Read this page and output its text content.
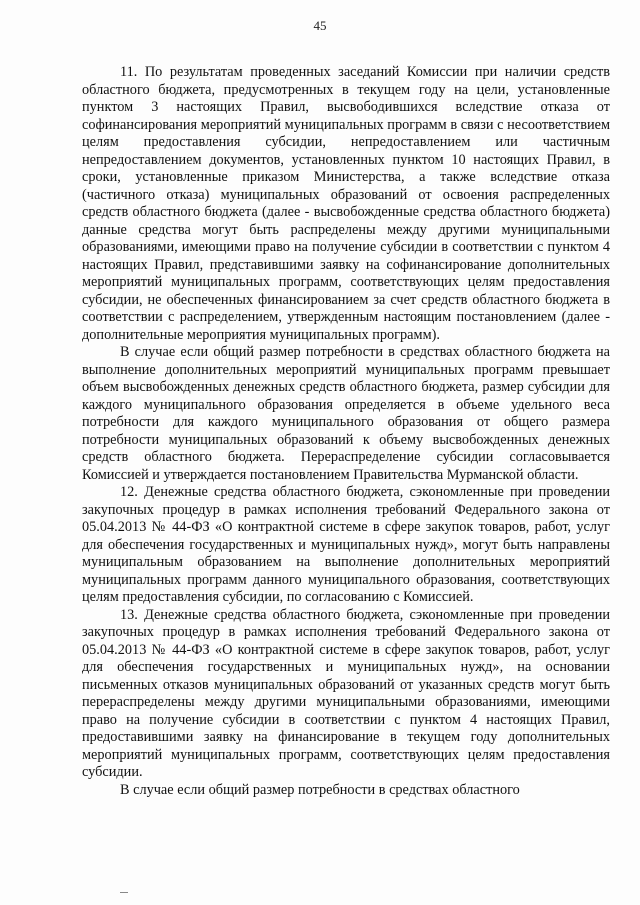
45

11. По результатам проведенных заседаний Комиссии при наличии средств областного бюджета, предусмотренных в текущем году на цели, установленные пунктом 3 настоящих Правил, высвободившихся вследствие отказа от софинансирования мероприятий муниципальных программ в связи с несоответствием целям предоставления субсидии, непредоставлением или частичным непредоставлением документов, установленных пунктом 10 настоящих Правил, в сроки, установленные приказом Министерства, а также вследствие отказа (частичного отказа) муниципальных образований от освоения распределенных средств областного бюджета (далее - высвобожденные средства областного бюджета) данные средства могут быть распределены между другими муниципальными образованиями, имеющими право на получение субсидии в соответствии с пунктом 4 настоящих Правил, представившими заявку на софинансирование дополнительных мероприятий муниципальных программ, соответствующих целям предоставления субсидии, не обеспеченных финансированием за счет средств областного бюджета в соответствии с распределением, утвержденным настоящим постановлением (далее - дополнительные мероприятия муниципальных программ).

В случае если общий размер потребности в средствах областного бюджета на выполнение дополнительных мероприятий муниципальных программ превышает объем высвобожденных денежных средств областного бюджета, размер субсидии для каждого муниципального образования определяется в объеме удельного веса потребности для каждого муниципального образования от общего размера потребности муниципальных образований к объему высвобожденных денежных средств областного бюджета. Перераспределение субсидии согласовывается Комиссией и утверждается постановлением Правительства Мурманской области.

12. Денежные средства областного бюджета, сэкономленные при проведении закупочных процедур в рамках исполнения требований Федерального закона от 05.04.2013 № 44-ФЗ «О контрактной системе в сфере закупок товаров, работ, услуг для обеспечения государственных и муниципальных нужд», могут быть направлены муниципальным образованием на выполнение дополнительных мероприятий муниципальных программ данного муниципального образования, соответствующих целям предоставления субсидии, по согласованию с Комиссией.

13. Денежные средства областного бюджета, сэкономленные при проведении закупочных процедур в рамках исполнения требований Федерального закона от 05.04.2013 № 44-ФЗ «О контрактной системе в сфере закупок товаров, работ, услуг для обеспечения государственных и муниципальных нужд», на основании письменных отказов муниципальных образований от указанных средств могут быть перераспределены между другими муниципальными образованиями, имеющими право на получение субсидии в соответствии с пунктом 4 настоящих Правил, предоставившими заявку на финансирование в текущем году дополнительных мероприятий муниципальных программ, соответствующих целям предоставления субсидии.

В случае если общий размер потребности в средствах областного
